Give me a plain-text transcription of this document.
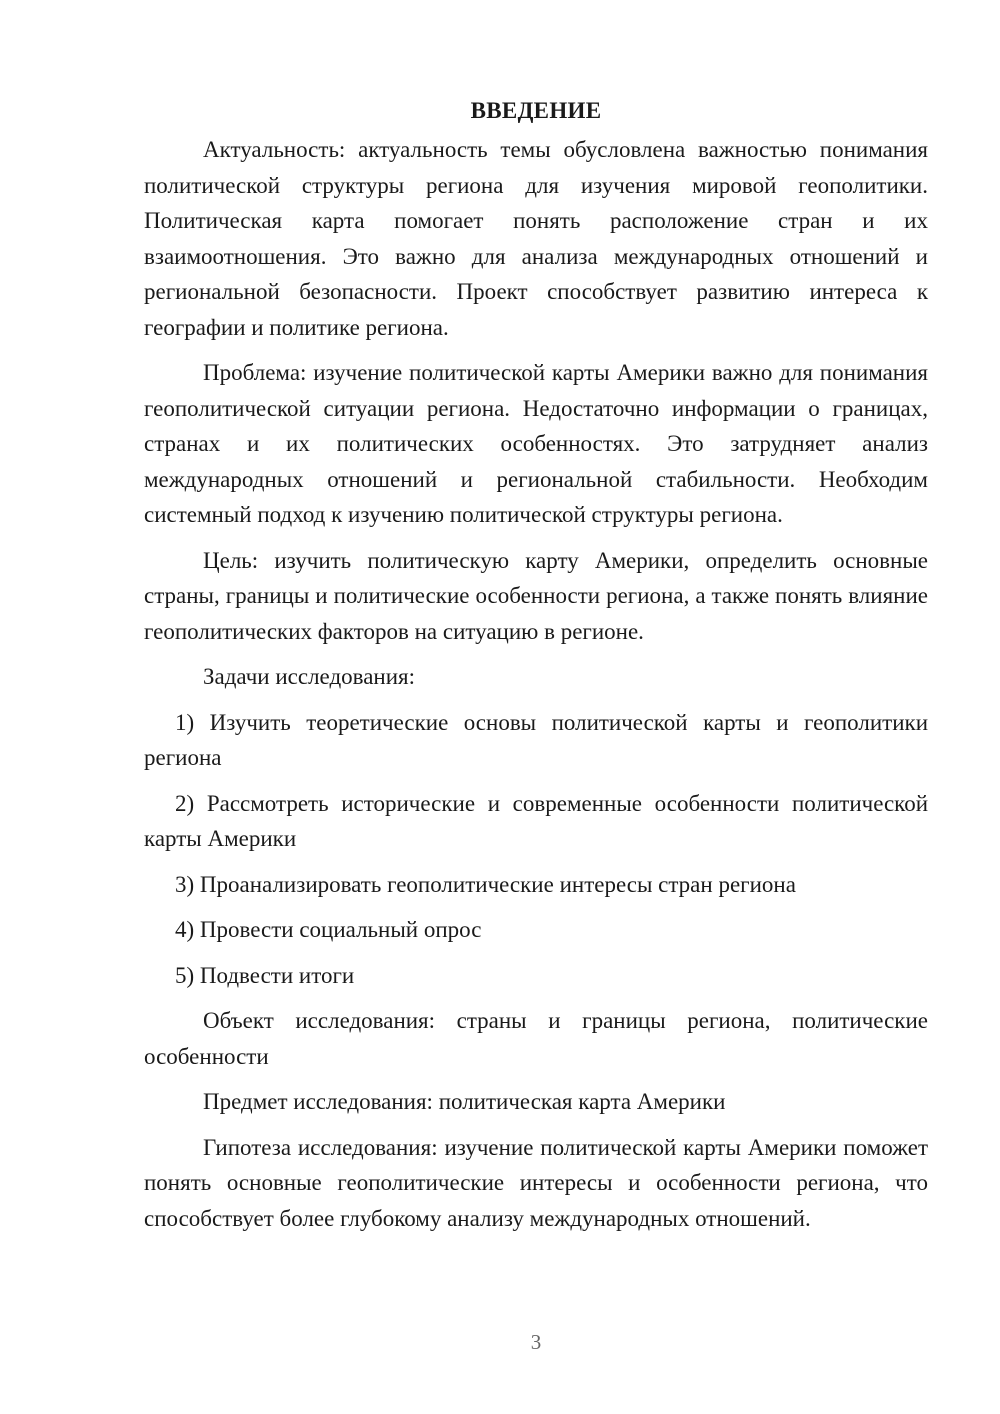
ВВЕДЕНИЕ

Актуальность: актуальность темы обусловлена важностью понимания политической структуры региона для изучения мировой геополитики. Политическая карта помогает понять расположение стран и их взаимоотношения. Это важно для анализа международных отношений и региональной безопасности. Проект способствует развитию интереса к географии и политике региона.

Проблема: изучение политической карты Америки важно для понимания геополитической ситуации региона. Недостаточно информации о границах, странах и их политических особенностях. Это затрудняет анализ международных отношений и региональной стабильности. Необходим системный подход к изучению политической структуры региона.

Цель: изучить политическую карту Америки, определить основные страны, границы и политические особенности региона, а также понять влияние геополитических факторов на ситуацию в регионе.

Задачи исследования:

1) Изучить теоретические основы политической карты и геополитики региона

2) Рассмотреть исторические и современные особенности политической карты Америки

3) Проанализировать геополитические интересы стран региона

4) Провести социальный опрос

5) Подвести итоги

Объект исследования: страны и границы региона, политические особенности

Предмет исследования: политическая карта Америки

Гипотеза исследования: изучение политической карты Америки поможет понять основные геополитические интересы и особенности региона, что способствует более глубокому анализу международных отношений.

3
